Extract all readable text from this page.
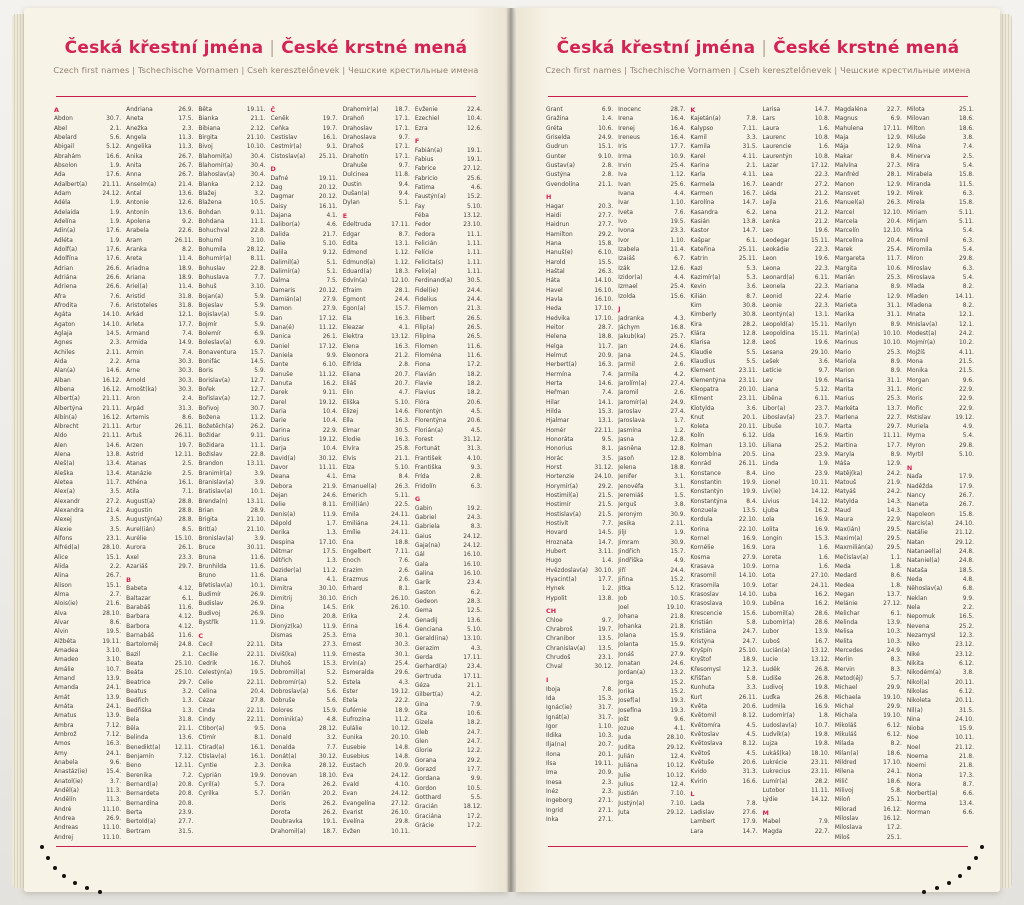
Česká křestní jména | České krstné mená
Czech first names | Tschechische Vornamen | Cseh keresztelőnevek | Чешские крестильные имена
A
Abdon	30.7.
Ábel	2.1.
Abelard	5.6.
Abigail	5.12.
Abrahám	16.6.
Absolon	1.9.
Ada	17.6.
Adalbert(a)	21.11.
Adam	24.12.
Adéla	1.9.
Adelaida	1.9.
Adelína	1.9.
Adin(a)	17.6.
Adléta	1.9.
Adolf(a)	17.6.
Adolfína	17.6.
Adrian	26.6.
Adriána	26.6.
Adriena	26.6.
Afra	7.6.
Afrodita	7.6.
Agáta	14.10.
Agaton	14.10.
Aglaja	14.5.
Agnes	2.3.
Achiles	2.11.
Aida	2.2.
Alan(a)	14.6.
Alban	16.12.
Albena	16.12.
Albert(a)	21.11.
Albertýna	21.11.
Albín(a)	16.12.
Albrecht	21.11.
Aldo	21.11.
Alen	14.6.
Alena	13.8.
Aleš(a)	13.4.
Aleška	13.4.
Aletea	11.7.
Alex(a)	3.5.
Alexandr	27.2.
Alexandra	21.4.
Alexej	3.5.
Alexie	3.5.
Alfons	23.1.
Alfréd(a)	28.10.
Alice	15.1.
Alida	2.2.
Alina	26.7.
Alison	15.1.
Alma	2.7.
Alois(ie)	21.6.
Alva	28.10.
Alvar	8.6.
Alvin	19.5.
Alžběta	19.11.
Amadea	3.10.
Amadeo	3.10.
Amálie	10.7.
Amand	13.9.
Amanda	24.1.
Amát	13.9.
Amáta	24.1.
Amatus	13.9.
Ambra	7.12.
Ambrož	7.12.
Ámos	16.3.
Amy	24.1.
Anabela	9.6.
Anastáz(ie)	15.4.
Anatol(ie)	3.7.
Anděl(a)	11.3.
Andělín	11.3.
André	11.10.
Andrea	26.9.
Andreas	11.10.
Andrej	11.10.
Andriana	26.9.
Aneta	17.5.
Anežka	2.3.
Angela	11.3.
Angelika	11.3.
Anika	26.7.
Anita	26.7.
Anna	26.7.
Anselm(a)	21.4.
Antal	13.6.
Antonie	12.6.
Antonín	13.6.
Apolena	9.2.
Arabela	22.6.
Aram	26.11.
Aranka	8.2.
Areta	11.4.
Ariadna	18.9.
Ariana	18.9.
Ariel(a)	11.4.
Aristid	31.8.
Aristoteles	31.8.
Arkád	12.1.
Arleta	17.7.
Armand	7.4.
Armida	14.9.
Armin	7.4.
Arna	30.3.
Arne	30.3.
Arnold	30.3.
Arnošt(ka)	30.3.
Áron	2.4.
Arpád	31.3.
Artemis	8.6.
Artur	26.11.
Artuš	26.11.
Arzen	19.7.
Astrid	12.11.
Atanas	2.5.
Atanázie	2.5.
Athéna	16.1.
Atila	7.1.
August(a)	28.8.
Augustin	28.8.
Augustýn(a)	28.8.
Aurel(ián)	8.5.
Aurélie	15.10.
Aurora	26.1.
Axel	23.3.
Azariáš	29.7.
B
Babeta	4.12.
Baltazar	6.1.
Barabáš	11.6.
Barbara	4.12.
Barbora	4.12.
Barnabáš	11.6.
Bartoloměj	24.8.
Bazil	2.1.
Beata	25.10.
Beáta	25.10.
Beatrice	29.7.
Beatus	3.2.
Bedřich	1.3.
Bedřiška	1.3.
Bela	31.8.
Běla	21.1.
Belinda	13.6.
Benedikt(a)	12.11.
Benjamín	7.12.
Beno	12.11.
Berenika	7.2.
Bernard(a)	20.8.
Bernardeta	20.8.
Bernardína	20.8.
Berta	23.9.
Bertold(a)	27.7.
Bertram	31.5.
Běta	19.11.
Bianka	21.1.
Bibiana	2.12.
Birgita	21.10.
Bivoj	10.10.
Blahomil(a)	30.4.
Blahomír(a)	30.4.
Blahoslav(a)	30.4.
Blanka	2.12.
Blažej	3.2.
Blažena	10.5.
Bohdan	9.11.
Bohdana	11.1.
Bohuchval	22.8.
Bohumil	3.10.
Bohumila	28.12.
Bohumír(a)	8.11.
Bohuslav	22.8.
Bohuslava	7.7.
Bohuš	3.10.
Bojan(a)	5.9.
Bojeslav	5.9.
Bojislav(a)	5.9.
Bojmír	5.9.
Bolemír	6.9.
Boleslav(a)	6.9.
Bonaventura	15.7.
Bonifác	14.5.
Boris	5.9.
Borislav(a)	12.7.
Bořek	12.7.
Bořislav(a)	12.7.
Bořivoj	30.7.
Božena	11.2.
Božetěch(a)	26.2.
Božidar	9.11.
Božidara	11.1.
Božislav	22.8.
Brandon	13.11.
Branimír(a)	3.9.
Branislav(a)	3.9.
Bratislav(a)	10.1.
Brenda(n)	13.11.
Brian	28.9.
Brigita	21.10.
Brit(a)	21.10.
Bronislav(a)	3.9.
Bruce	30.11.
Bruna	11.6.
Brunhilda	11.6.
Bruno	11.6.
Břetislav(a)	10.1.
Budimír	26.9.
Budislav	26.9.
Budivoj	26.9.
Bystřík	11.9.
C
Cecil	22.11.
Cecílie	22.11.
Cedrik	16.7.
Celestýn(a)	19.5.
Celie	22.11.
Celina	20.4.
Cézar	27.8.
Cinda	22.11.
Cindy	22.11.
Ctibor(a)	9.5.
Ctimír	8.1.
Ctirad(a)	16.1.
Ctislav(a)	16.1.
Cyntie	2.3.
Cyprián	19.9.
Cyril(a)	5.7.
Cyrilka	5.7.
Č
Čeněk	19.7.
Čeňka	19.7.
Čestislav	16.1.
Čestmír(a)	9.1.
Čistoslav(a)	25.11.
D
Dafné	19.11.
Dag	20.12.
Dagmar	20.12.
Daisy	16.11.
Dajana	4.1.
Dalibor(a)	4.6.
Dalida	21.7.
Dalie	5.10.
Dalila	9.12.
Dalimil(a)	5.1.
Dalimír(a)	5.1.
Dalma	7.5.
Damaris	20.12.
Damián(a)	27.9.
Damon	27.9.
Dan	17.12.
Dana(é)	11.12.
Danica	26.1.
Daniel	17.12.
Daniela	9.9.
Dante	6.10.
Danuše	11.12.
Danuta	16.2.
Darek	9.11.
Darel	19.12.
Daria	10.4.
Darie	10.4.
Darina	22.9.
Darius	19.12.
Darja	10.4.
David(a)	30.12.
Davor	11.11.
Deana	4.1.
Debora	21.9.
Dejan	24.6.
Delie	8.11.
Denis(a)	11.9.
Děpold	1.7.
Derika	1.3.
Despina	17.10.
Dětmar	17.5.
Dětřich	1.3.
Dezider(a)	11.2.
Diana	4.1.
Dimitra	30.10.
Dimitrij	30.10.
Dina	14.5.
Dino	20.8.
Dionýz(ka)	11.9.
Dismas	25.3.
Dita	27.3.
Diviš(ka)	11.9.
Dluhoš	15.3.
Dobromil(a)	5.2.
Dobromír(a)	5.2.
Dobroslav(a)	5.6.
Dobruše	5.6.
Dolores	15.9.
Dominik(a)	4.8.
Dona	28.12.
Donald	3.2.
Donalda	7.7.
Donát(a)	30.12.
Donika	28.12.
Donovan	18.10.
Dora	26.2.
Dorián	20.2.
Doris	26.2.
Dorota	26.2.
Doubravka	19.1.
Drahomil(a)	18.7.
Drahomír(a)	18.7.
Drahoň	17.1.
Drahoslav	17.1.
Drahoslava	9.7.
Drahoš	17.1.
Drahotín	17.1.
Drahuše	9.7.
Dulcinea	11.8.
Dustin	9.4.
Dušan(a)	9.4.
Dylan	5.1.
E
Edeltruda	17.11.
Edgar	8.7.
Edita	13.1.
Edmond	1.12.
Edmund(a)	1.12.
Eduard(a)	18.3.
Edvín(a)	12.10.
Efraim	28.1.
Egmont	24.4.
Egon(a)	15.7.
Ela	16.3.
Eleazar	4.1.
Elektra	13.12.
Elena	16.3.
Eleonora	21.2.
Elfrída	2.8.
Eliana	20.7.
Eliáš	20.7.
Elin	4.7.
Eliška	5.10.
Elizej	14.6.
Ella	16.3.
Elmar	30.5.
Elodie	16.3.
Elvíra	25.8.
Elvis	21.1.
Elza	5.10.
Ema	8.4.
Emanuel(a)	26.3.
Emerich	5.11.
Emil(ián)	22.5.
Emila	24.11.
Emiliána	24.11.
Emílie	24.11.
Ena	18.8.
Engelbert	7.11.
Enoch	7.6.
Erazim	2.6.
Erazmus	2.6.
Erhard	8.1.
Erich	26.10.
Erik	26.10.
Erika	2.4.
Erina	16.4.
Erna	30.1.
Ernest	30.3.
Ernesta	30.1.
Ervín(a)	25.4.
Esmeralda	29.6.
Estela	4.3.
Ester	19.12.
Etela	22.2.
Eufémie	18.9.
Eufrozína	11.2.
Eulálie	10.12.
Eunika	20.10.
Eusebie	14.8.
Eusebius	14.8.
Eustach	20.9.
Eva	24.12.
Evald	4.10.
Evan	24.12.
Evangelína	27.12.
Evarist	26.10.
Evelína	29.8.
Evžen	10.11.
Evženie	22.4.
Ezechiel	10.4.
Ezra	12.6.
F
Fabián(a)	19.1.
Fabius	19.1.
Fabrice	27.12.
Fabricio	25.6.
Fatima	4.6.
Faustýn(a)	15.2.
Fay	5.10.
Féba	13.12.
Fedor	23.10.
Fedora	11.1.
Felicián	1.11.
Felície	1.11.
Felicita(s)	1.11.
Felix(a)	1.11.
Ferdinand(a)	30.5.
Fidel(ie)	24.4.
Fidelius	24.4.
Filemon	21.3.
Filibert	26.5.
Filip(a)	26.5.
Filipína	26.5.
Filomen	11.6.
Filoména	11.6.
Fiona	17.2.
Flavián	18.2.
Flavie	18.2.
Flavius	18.2.
Flóra	20.6.
Florentýn	4.5.
Florentýna	20.6.
Florián(a)	4.5.
Forest	31.12.
Fortunát	31.3.
František	4.10.
Františka	9.3.
Frída	2.8.
Fridolín	6.3.
G
Gabin	19.2.
Gabriel	24.3.
Gabriela	8.3.
Gaius	24.12.
Gaja(na)	24.12.
Gál	16.10.
Gala	16.10.
Galina	16.10.
Garik	23.4.
Gaston	6.2.
Gedeon	28.3.
Gema	12.5.
Genadij	13.6.
Genciana	5.10.
Gerald(ina)	13.10.
Gerazim	4.3.
Gerda	17.11.
Gerhard(a)	23.4.
Gertruda	17.11.
Géza	21.1.
Gilbert(a)	4.2.
Gina	7.9.
Gita	10.6.
Gizela	18.2.
Gleb	24.7.
Glen	24.7.
Glorie	12.2.
Gorana	29.2.
Gorazd	17.7.
Gordana	9.9.
Gordon	10.5.
Gotthard	5.5.
Gracián	18.12.
Graciána	17.2.
Grácie	17.2.
Česká křestní jména | České krstné mená
Czech first names | Tschechische Vornamen | Cseh keresztelőnevek | Чешские крестильные имена
Grant	6.9.
Gražina	1.4.
Gréta	10.6.
Griselda	24.9.
Gudrun	15.1.
Gunter	9.10.
Gustav(a)	2.8.
Gustýna	2.8.
Gvendolína	21.1.
H
Hagar	20.3.
Haidi	27.7.
Haidrun	27.7.
Hamilton	29.2.
Hana	15.8.
Hanuš(e)	6.10.
Harold	15.5.
Haštal	26.3.
Háta	14.10.
Havel	16.10.
Havla	16.10.
Heda	17.10.
Hedvika	17.10.
Heitor	28.7.
Helena	18.8.
Helga	11.7.
Helmut	20.9.
Herbert(a)	16.3.
Hermína	7.4.
Herta	14.6.
Heřman	7.4.
Hilar	14.1.
Hilda	15.3.
Hjalmar	13.1.
Homér	22.11.
Honoráta	9.5.
Honorius	8.1.
Horác	3.5.
Horst	31.12.
Hortenzie	24.10.
Horymír(a)	29.2.
Hostimil(a)	21.5.
Hostimír	21.5.
Hostislav(a)	21.5.
Hostivít	7.7.
Hovard	14.5.
Hroznata	14.7.
Hubert	3.11.
Hugo	1.4.
Hvězdoslav(a)	30.10.
Hyacint(a)	17.7.
Hynek	1.2.
Hypolit	13.8.
CH
Chloe	9.7.
Chrabroš	19.7.
Chranibor	13.5.
Chranislav(a)	13.5.
Chrudoš	23.1.
Chval	30.12.
I
Iboja	7.8.
Ida	15.3.
Ignác(ie)	31.7.
Ignát(a)	31.7.
Igor	1.10.
Ildika	10.3.
Ilja(na)	20.7.
Ilona	20.1.
Ilsa	19.11.
Ima	20.9.
Inesa	2.3.
Inéz	2.3.
Ingeborg	27.1.
Ingrid	27.1.
Inka	27.1.
Inocenc	28.7.
Irena	16.4.
Irenej	16.4.
Ireneus	16.4.
Iris	17.7.
Irma	10.9.
Irvin	25.4.
Iva	1.12.
Ivan	25.6.
Ivana	4.4.
Ivar	1.10.
Iveta	7.6.
Ivo	19.5.
Ivona	23.3.
Ivor	1.10.
Izabela	11.4.
Izaiáš	6.7.
Izák	12.6.
Izidor(a)	4.4.
Izmael	25.4.
Izolda	15.6.
J
Jadranka	4.3.
Jáchym	16.8.
Jakub(ka)	25.7.
Jan	24.6.
Jana	24.5.
Jarmil	2.6.
Jarmila	4.2.
Jarolím(a)	27.4.
Jaromil	2.6.
Jaromír(a)	24.9.
Jaroslav	27.4.
Jaroslava	1.7.
Jasmína	1.2.
Jasna	12.8.
Jasněna	12.8.
Jasoň	12.8.
Jelena	18.8.
Jenifer	3.1.
Jenovéfa	3.1.
Jeremiáš	1.5.
Jerguš	3.8.
Jeroným	30.9.
Jesika	2.11.
Jiljí	1.9.
Jimram	30.9.
Jindřich	15.7.
Jindřiška	4.9.
Jiří	24.4.
Jiřina	15.2.
Jitka	5.12.
Job	10.5.
Joel	19.10.
Johana	21.8.
Johanka	21.8.
Jolana	15.9.
Jolanta	15.9.
Jonáš	27.9.
Jonatan	24.6.
Jordan(a)	13.2.
Jorga	15.2.
Jorika	15.2.
Josef(a)	19.3.
Josefína	19.3.
Jošt	9.6.
Jozue	4.1.
Juda	28.10.
Judita	29.12.
Julián	12.4.
Juliána	10.12.
Julie	10.12.
Julius	12.4.
Justián	7.10.
Justýn(a)	7.10.
Juta	29.12.
K
Kajetán(a)	7.8.
Kalypso	7.11.
Kamil	3.3.
Kamila	31.5.
Karel	4.11.
Karina	2.1.
Karla	4.11.
Karmela	16.7.
Karmen	16.7.
Karolína	14.7.
Kasandra	6.2.
Kasián	13.8.
Kastor	14.7.
Kašpar	6.1.
Kateřina	25.11.
Katrin	25.11.
Kazi	5.3.
Kazimír(a)	5.3.
Kevin	3.6.
Kilián	8.7.
Kim	30.8.
Kimberly	30.8.
Kira	28.2.
Klára	12.8.
Klarisa	12.8.
Klaudie	5.5.
Klaudius	5.5.
Klement	23.11.
Klementýna	23.11.
Kleopatra	20.10.
Kliment	23.11.
Klotylda	3.6.
Knut	20.1.
Koleta	20.11.
Kolín	6.12.
Kolman	13.10.
Kolombína	20.5.
Konrád	26.11.
Konstance	8.4.
Konstantin	19.9.
Konstantýn	19.9.
Konstantýna	8.4.
Konzuela	13.5.
Kordula	22.10.
Korina	22.10.
Kornel	16.9.
Kornélie	16.9.
Kosma	27.9.
Krasava	10.9.
Krasomil	14.10.
Krasomila	10.9.
Krasoslav	14.10.
Krasoslava	10.9.
Krescencie	15.6.
Kristián	5.8.
Kristiána	24.7.
Kristýna	24.7.
Kryšpín	25.10.
Kryštof	18.9.
Křesomysl	12.3.
Křišťan	5.8.
Kunhuta	3.3.
Kurt	26.11.
Květa	20.6.
Květomil	8.12.
Květomíra	4.5.
Květoslav	4.5.
Květoslava	8.12.
Květoš	4.5.
Květuše	20.6.
Kvido	31.3.
Kvirin	16.6.
L
Lada	7.8.
Ladislav	27.6.
Lambert	17.9.
Lara	14.7.
Larisa	14.7.
Lars	10.8.
Laura	1.6.
Laurenc	10.8.
Laurencie	1.6.
Laurentýn	10.8.
Lazar	17.12.
Lea	22.3.
Leandr	27.2.
Léda	21.2.
Lejla	21.6.
Lena	21.2.
Lenka	21.2.
Leo	19.6.
Leodegar	15.11.
Leokádie	22.3.
Leon	19.6.
Leona	22.3.
Leonard(a)	6.11.
Leonela	22.3.
Leonid	22.4.
Leonie	22.3.
Leontýn(a)	13.1.
Leopold(a)	15.11.
Leopoldina	15.11.
Leoš	19.6.
Lesana	29.10.
Lešek	3.6.
Letície	9.7.
Lev	19.6.
Liana	5.12.
Liběna	6.11.
Libor(a)	23.7.
Liboslav(a)	23.7.
Libuše	10.7.
Lída	16.9.
Liliana	25.2.
Lina	23.9.
Linda	1.9.
Lino	23.9.
Lionel	10.11.
Liv(ie)	14.12.
Livius	14.12.
Ljuba	16.2.
Lola	16.9.
Lolita	16.9.
Longin	15.3.
Lora	1.6.
Loreta	1.6.
Lorna	1.6.
Lota	27.10.
Lotar	24.11.
Luba	16.2.
Luběna	16.2.
Lubomil(a)	28.6.
Lubomír(a)	28.6.
Lubor	13.9.
Luboš	16.7.
Lucián(a)	13.12.
Lucie	13.12.
Luděk	26.8.
Ludiše	26.8.
Ludivoj	19.8.
Luďka	26.8.
Ludmila	16.9.
Ludomír(a)	1.8.
Ludoslav(a)	10.7.
Ludvík(a)	19.8.
Lujza	19.8.
Lukáš(ka)	18.10.
Lukrécie	23.11.
Lukrecius	23.11.
Lumír(a)	28.2.
Lutobor	11.11.
Lýdie	14.12.
M
Mabel	7.9.
Magda	22.7.
Magdaléna	22.7.
Magnus	6.9.
Mahulena	17.11.
Maja	12.9.
Mája	12.9.
Makar	8.4.
Malvína	27.3.
Manfréd	28.1.
Manon	12.9.
Mansvet	19.2.
Manuel(a)	26.3.
Marcel	12.10.
Marcela	20.4.
Marcelín	12.10.
Marcelína	20.4.
Marek	25.4.
Margareta	11.7.
Margita	10.6.
Marián	25.3.
Mariana	8.9.
Marie	12.9.
Marieta	31.1.
Marika	31.1.
Marilyn	8.9.
Marin(a)	10.10.
Marinus	10.10.
Mario	25.3.
Mariola	8.9.
Marion	8.9.
Marisa	31.1.
Marita	31.1.
Marius	25.3.
Markéta	13.7.
Marlena	22.7.
Marta	29.7.
Martin	11.11.
Martina	17.7.
Maryla	8.9.
Máša	12.9.
Matěj(ka)	24.2.
Matouš	21.9.
Matyáš	24.2.
Matylda	14.3.
Maud	14.3.
Maura	22.9.
Max(ián)	29.5.
Maxim(a)	29.5.
Maxmilián(a)	29.5.
Mečislav(a)	1.1.
Meda	1.8.
Medard	8.6.
Medea	1.8.
Megan	13.7.
Melánie	27.12.
Melichar	6.1.
Melinda	13.9.
Melisa	10.3.
Melita	10.3.
Mercedes	24.9.
Merlin	8.3.
Mervin	8.3.
Metod(ěj)	5.7.
Michael	29.9.
Michaela	19.10.
Michal	29.9.
Michala	19.10.
Mikoláš	6.12.
Mikuláš	6.12.
Milada	8.2.
Milan(a)	18.6.
Mildred	17.10.
Milena	24.1.
Milič	18.6.
Milivoj	5.8.
Miloň	25.1.
Milorad	16.12.
Miloslav	16.12.
Miloslava	17.2.
Miloš	25.1.
Milota	25.1.
Milovan	18.6.
Milton	18.6.
Miluše	3.8.
Mína	7.4.
Minerva	2.5.
Mira	5.4.
Mirabela	15.8.
Miranda	11.5.
Mirek	6.3.
Mirela	15.8.
Miriam	5.11.
Mirjam	5.11.
Mirka	5.4.
Miromil	6.3.
Miromila	5.4.
Miron	29.8.
Miroslav	6.3.
Miroslava	5.4.
Mlada	8.2.
Mladen	14.11.
Mladena	8.2.
Mnata	12.1.
Mnislav(a)	12.1.
Modest(a)	24.2.
Mojmír(a)	10.2.
Mojžíš	4.11.
Mona	21.5.
Monika	21.5.
Morgan	9.6.
Moric	22.9.
Moris	22.9.
Mořic	22.9.
Mstislav	19.12.
Muriela	4.9.
Myrna	5.4.
Myron	29.8.
Myrtil	5.10.
N
Naďa	17.9.
Naděžda	17.9.
Nancy	26.7.
Naneta	26.7.
Napoleon	15.8.
Narcis(a)	24.10.
Natálie	21.12.
Natan	29.12.
Natanael(a)	24.8.
Nataniel(a)	24.8.
Nataša	18.5.
Neda	4.8.
Něhoslav(a)	6.8.
Neklan	9.9.
Nela	2.2.
Nepomuk	16.5.
Nevena	25.2.
Nezamysl	12.3.
Niko	23.12.
Niké	23.12.
Nikita	6.12.
Nikodém(a)	3.8.
Nikol(a)	20.11.
Nikolas	6.12.
Nikoleta	20.11.
Nil(a)	31.5.
Nina	24.10.
Nioba	15.9.
Noe	10.11.
Noel	21.12.
Noema	21.8.
Noemi	21.8.
Nona	17.3.
Nora	8.7.
Norbert(a)	6.6.
Norma	13.4.
Norman	6.6.
